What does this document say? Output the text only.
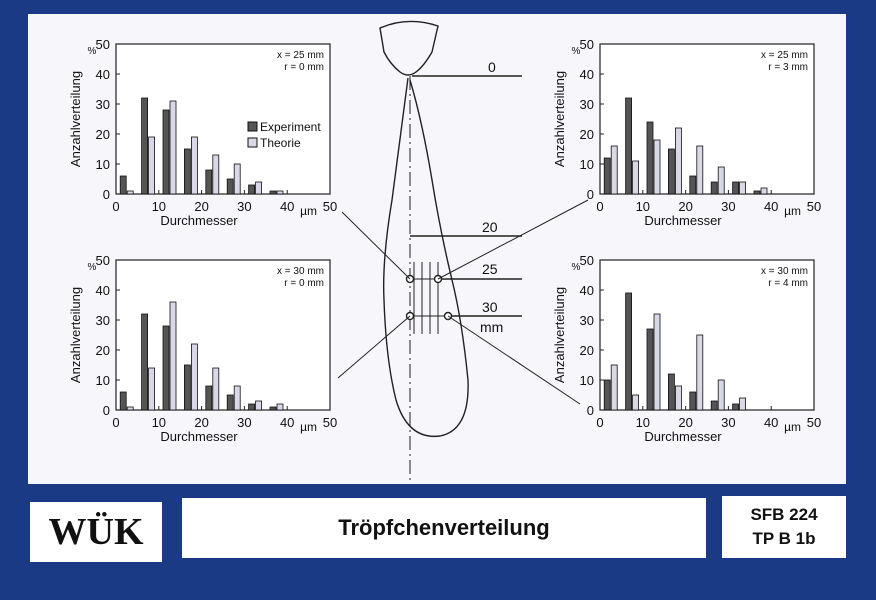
0
20
25
30
mm
0
10
20
30
40
50
0 10 20 30 40 50
µm
Durchmesser
Anzahlverteilung
%	x = 25 mm
r = 0 mm
Experiment
Theorie
0
10
20
30
40
50
0 10 20 30 40 50
µm
Durchmesser
Anzahlverteilung
%	x = 25 mm
r = 3 mm
0
10
20
30
40
50
0 10 20 30 40 50
µm
Durchmesser
Anzahlverteilung
%	x = 30 mm
r = 0 mm
0
10
20
30
40
50
0 10 20 30 40 50
µm
Durchmesser
Anzahlverteilung
%	x = 30 mm
r = 4 mm
WÜK	Tröpfchenverteilung
SFB 224
TP B 1b
